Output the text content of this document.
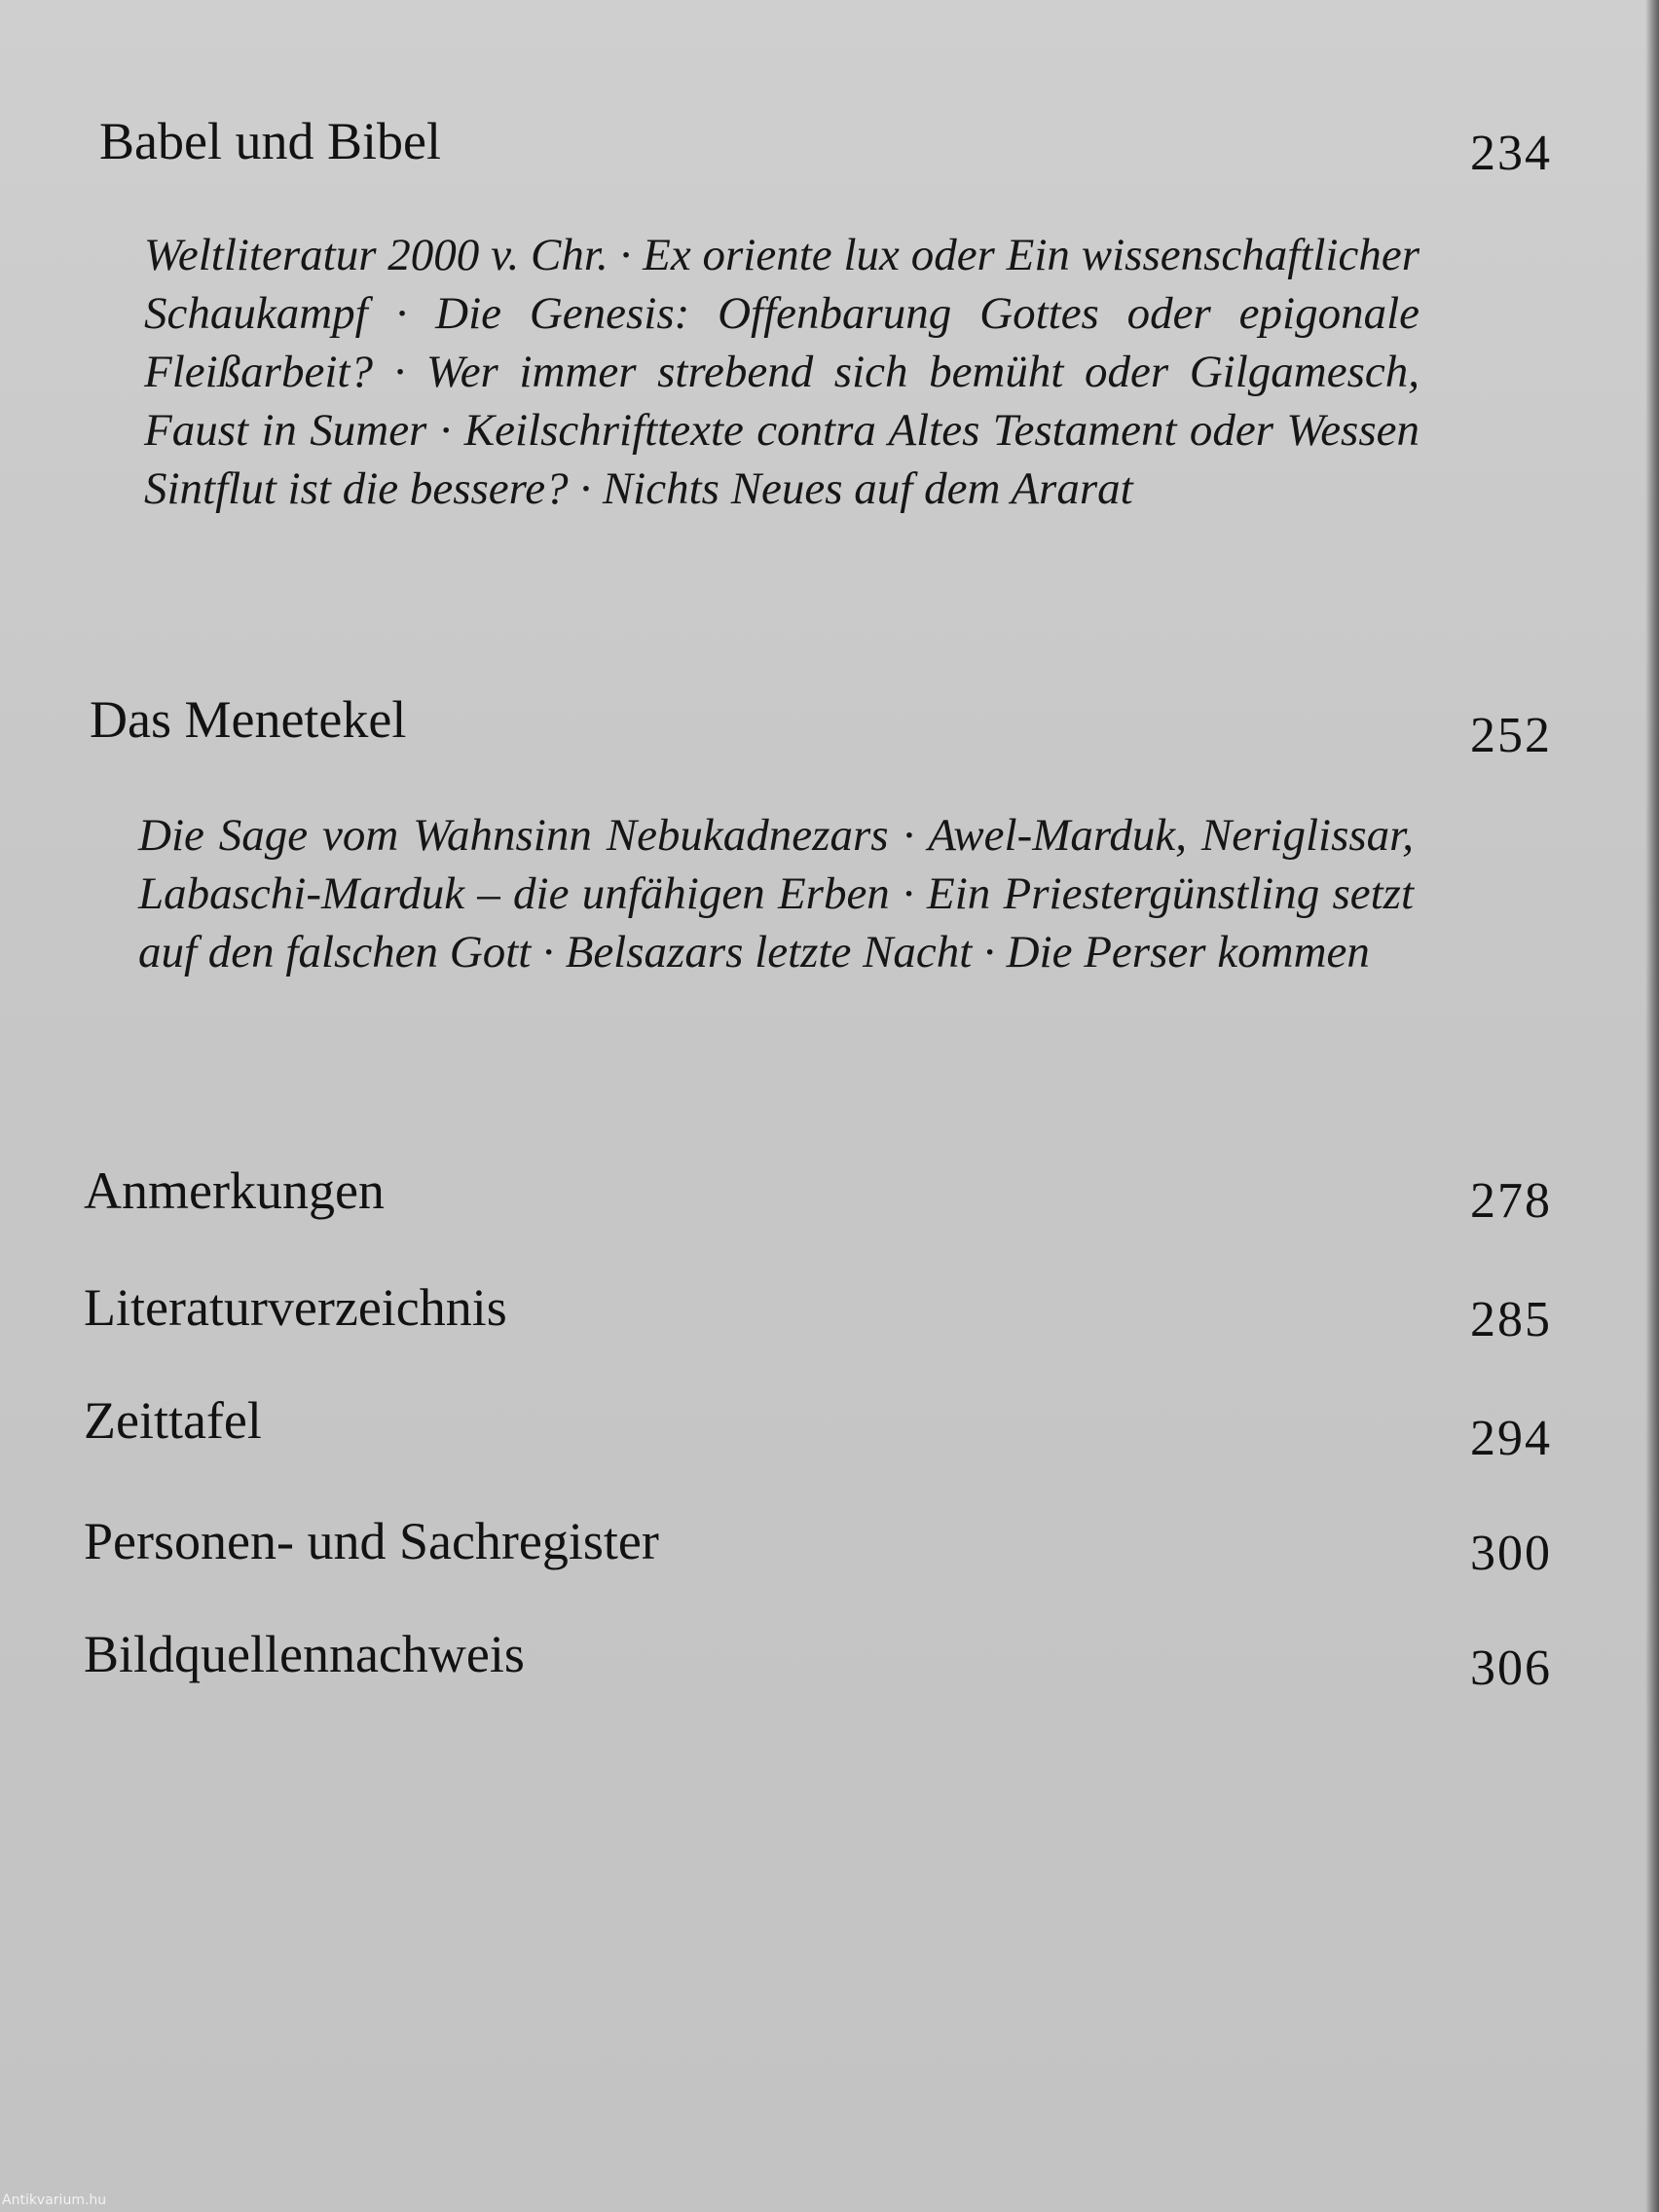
Babel und Bibel	234
Weltliteratur 2000 v. Chr. · Ex oriente lux oder Ein wissenschaftlicher Schaukampf · Die Genesis: Offenbarung Gottes oder epigonale Fleißarbeit? · Wer immer strebend sich bemüht oder Gilgamesch, Faust in Sumer · Keilschrifttexte contra Altes Testament oder Wessen Sintflut ist die bessere? · Nichts Neues auf dem Ararat
Das Menetekel	252
Die Sage vom Wahnsinn Nebukadnezars · Awel-Marduk, Neriglissar, Labaschi-Marduk – die unfähigen Erben · Ein Priestergünstling setzt auf den falschen Gott · Belsazars letzte Nacht · Die Perser kommen
Anmerkungen	278
Literaturverzeichnis	285
Zeittafel	294
Personen- und Sachregister	300
Bildquellennachweis	306
Antikvarium.hu
